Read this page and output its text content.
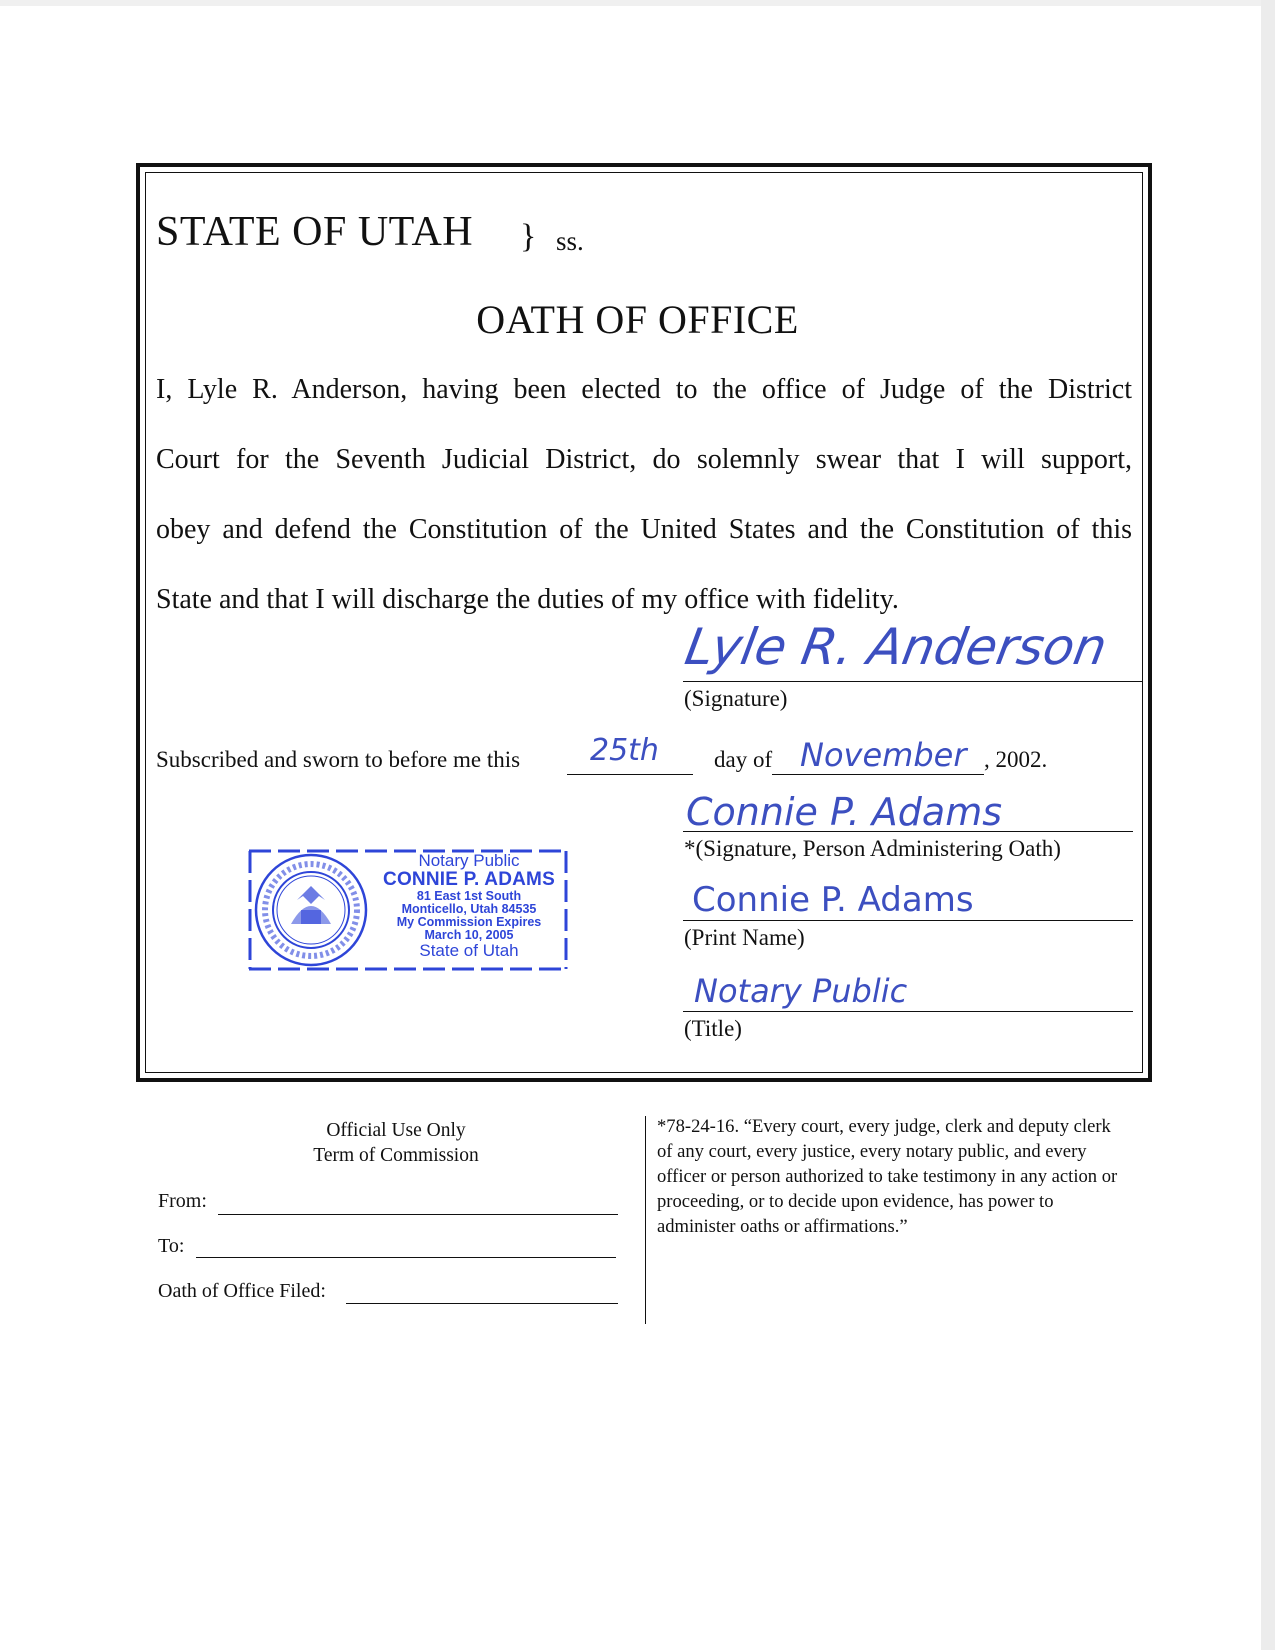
STATE OF UTAH } ss.
OATH OF OFFICE
I, Lyle R. Anderson, having been elected to the office of Judge of the District
Court for the Seventh Judicial District, do solemnly swear that I will support,
obey and defend the Constitution of the United States and the Constitution of this
State and that I will discharge the duties of my office with fidelity.
Lyle R. Anderson
(Signature)
Subscribed and sworn to before me this 25th day of November , 2002.
Connie P. Adams
*(Signature, Person Administering Oath)
Connie P. Adams
(Print Name)
Notary Public
(Title)
Notary Public
CONNIE P. ADAMS
81 East 1st South
Monticello, Utah 84535
My Commission Expires
March 10, 2005
State of Utah
Official Use Only
Term of Commission
From:
To:
Oath of Office Filed:
*78-24-16. “Every court, every judge, clerk and deputy clerk of any court, every justice, every notary public, and every officer or person authorized to take testimony in any action or proceeding, or to decide upon evidence, has power to administer oaths or affirmations.”
